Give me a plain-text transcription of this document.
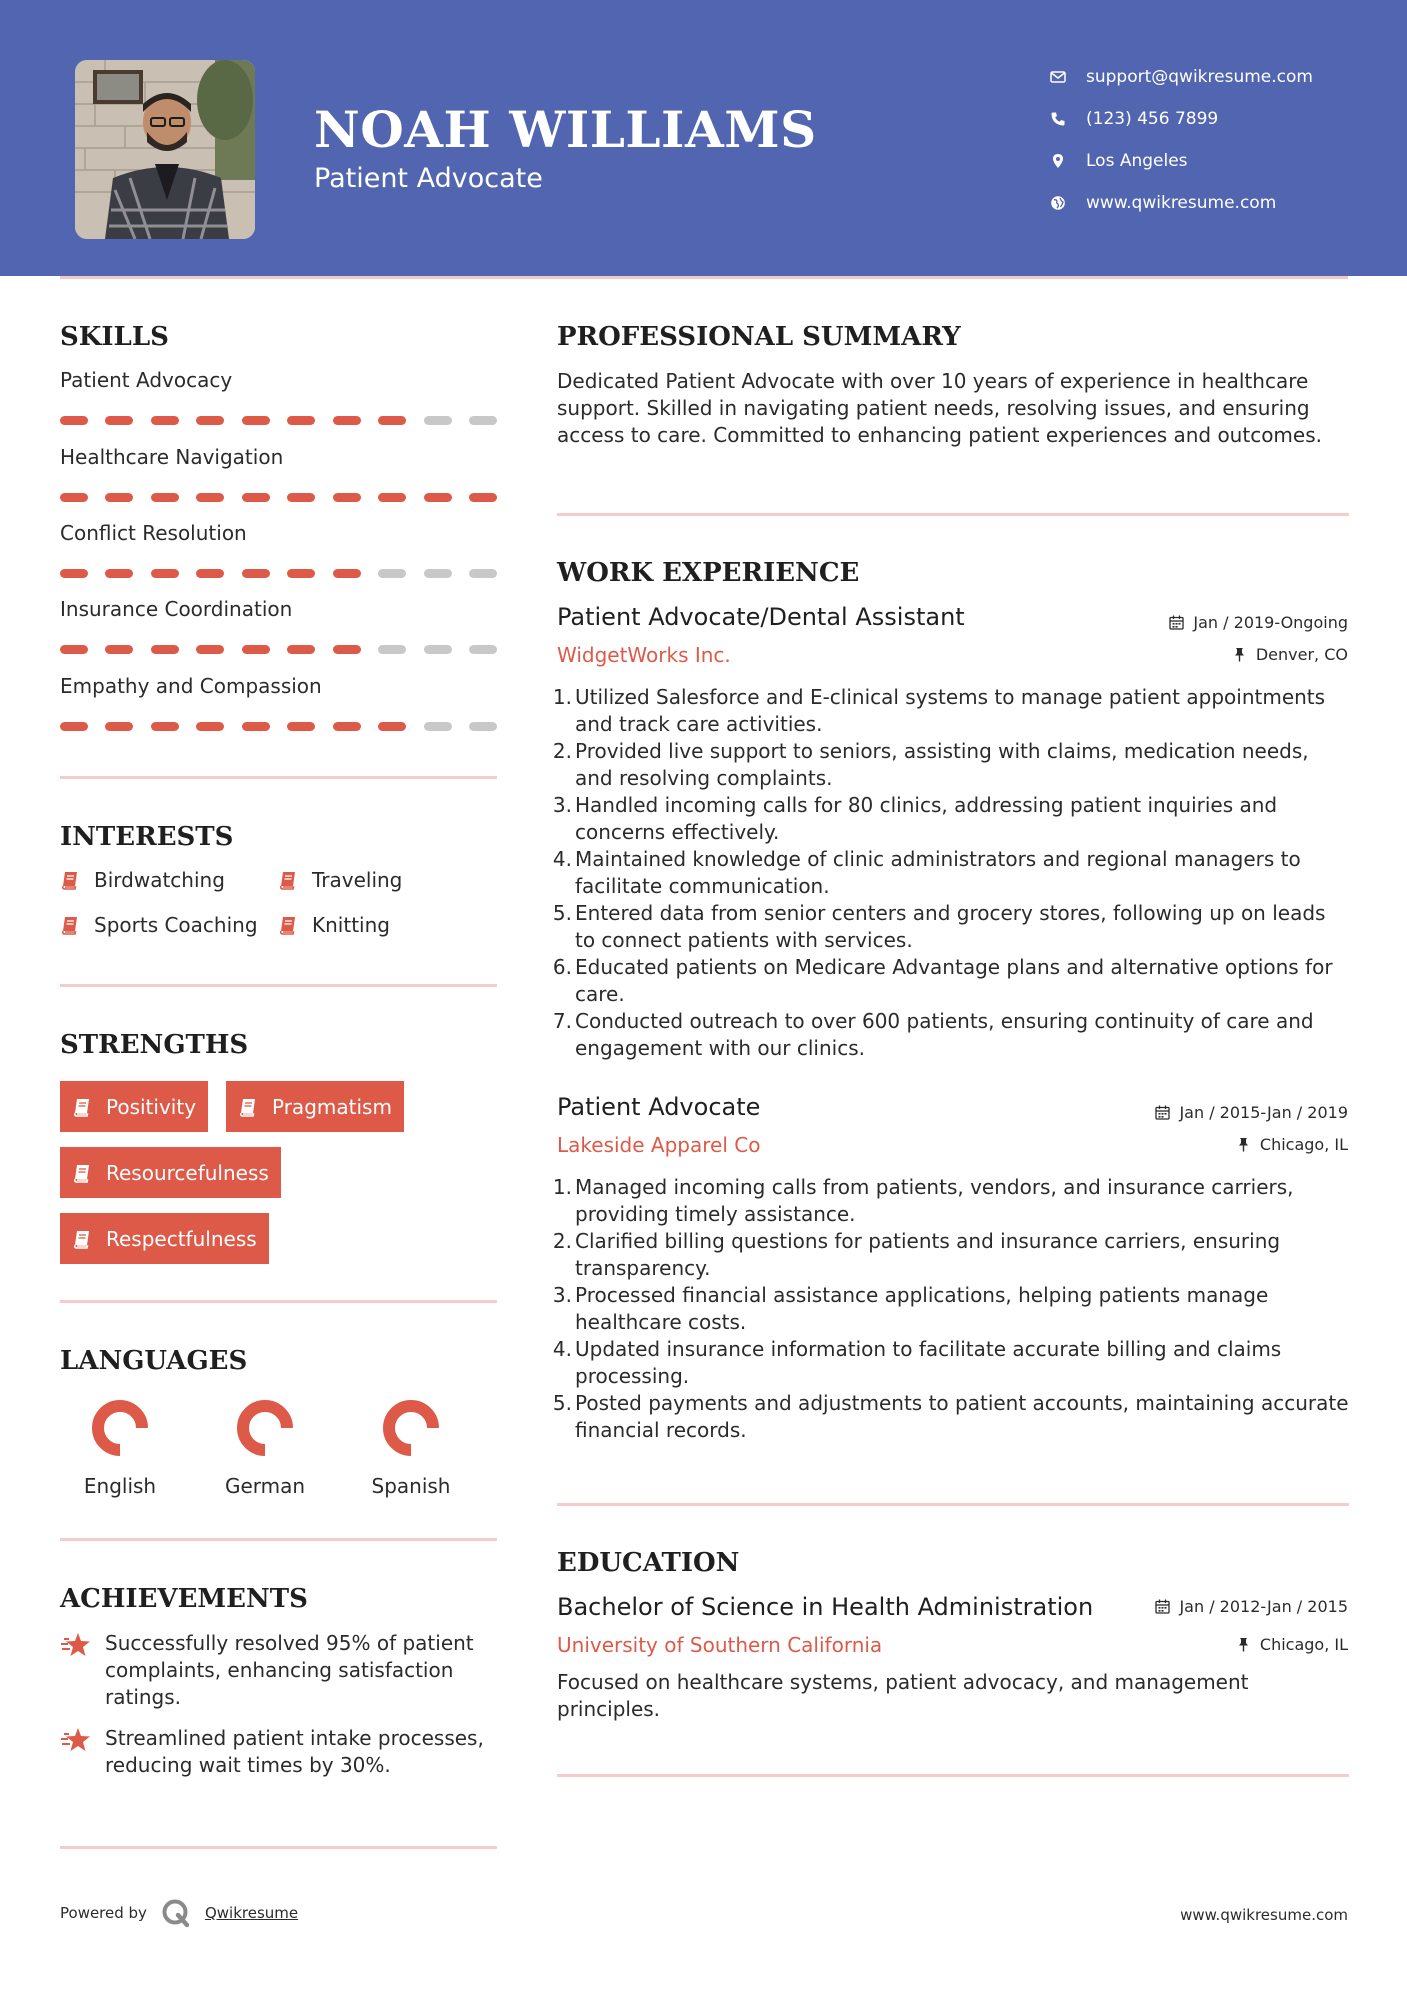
NOAH WILLIAMS
Patient Advocate
support@qwikresume.com
(123) 456 7899
Los Angeles
www.qwikresume.com
SKILLS
Patient Advocacy
Healthcare Navigation
Conflict Resolution
Insurance Coordination
Empathy and Compassion
INTERESTS
Birdwatching	Traveling
Sports Coaching	Knitting
STRENGTHS
Positivity	Pragmatism
Resourcefulness
Respectfulness
LANGUAGES
English	German	Spanish
ACHIEVEMENTS
Successfully resolved 95% of patient complaints, enhancing satisfaction ratings.
Streamlined patient intake processes, reducing wait times by 30%.
PROFESSIONAL SUMMARY
Dedicated Patient Advocate with over 10 years of experience in healthcare support. Skilled in navigating patient needs, resolving issues, and ensuring access to care. Committed to enhancing patient experiences and outcomes.
WORK EXPERIENCE
Patient Advocate/Dental Assistant	Jan / 2019-Ongoing
WidgetWorks Inc.	Denver, CO
1. Utilized Salesforce and E-clinical systems to manage patient appointments and track care activities.
2. Provided live support to seniors, assisting with claims, medication needs, and resolving complaints.
3. Handled incoming calls for 80 clinics, addressing patient inquiries and concerns effectively.
4. Maintained knowledge of clinic administrators and regional managers to facilitate communication.
5. Entered data from senior centers and grocery stores, following up on leads to connect patients with services.
6. Educated patients on Medicare Advantage plans and alternative options for care.
7. Conducted outreach to over 600 patients, ensuring continuity of care and engagement with our clinics.
Patient Advocate	Jan / 2015-Jan / 2019
Lakeside Apparel Co	Chicago, IL
1. Managed incoming calls from patients, vendors, and insurance carriers, providing timely assistance.
2. Clarified billing questions for patients and insurance carriers, ensuring transparency.
3. Processed financial assistance applications, helping patients manage healthcare costs.
4. Updated insurance information to facilitate accurate billing and claims processing.
5. Posted payments and adjustments to patient accounts, maintaining accurate financial records.
EDUCATION
Bachelor of Science in Health Administration	Jan / 2012-Jan / 2015
University of Southern California	Chicago, IL
Focused on healthcare systems, patient advocacy, and management principles.
Powered by	Qwikresume	www.qwikresume.com
